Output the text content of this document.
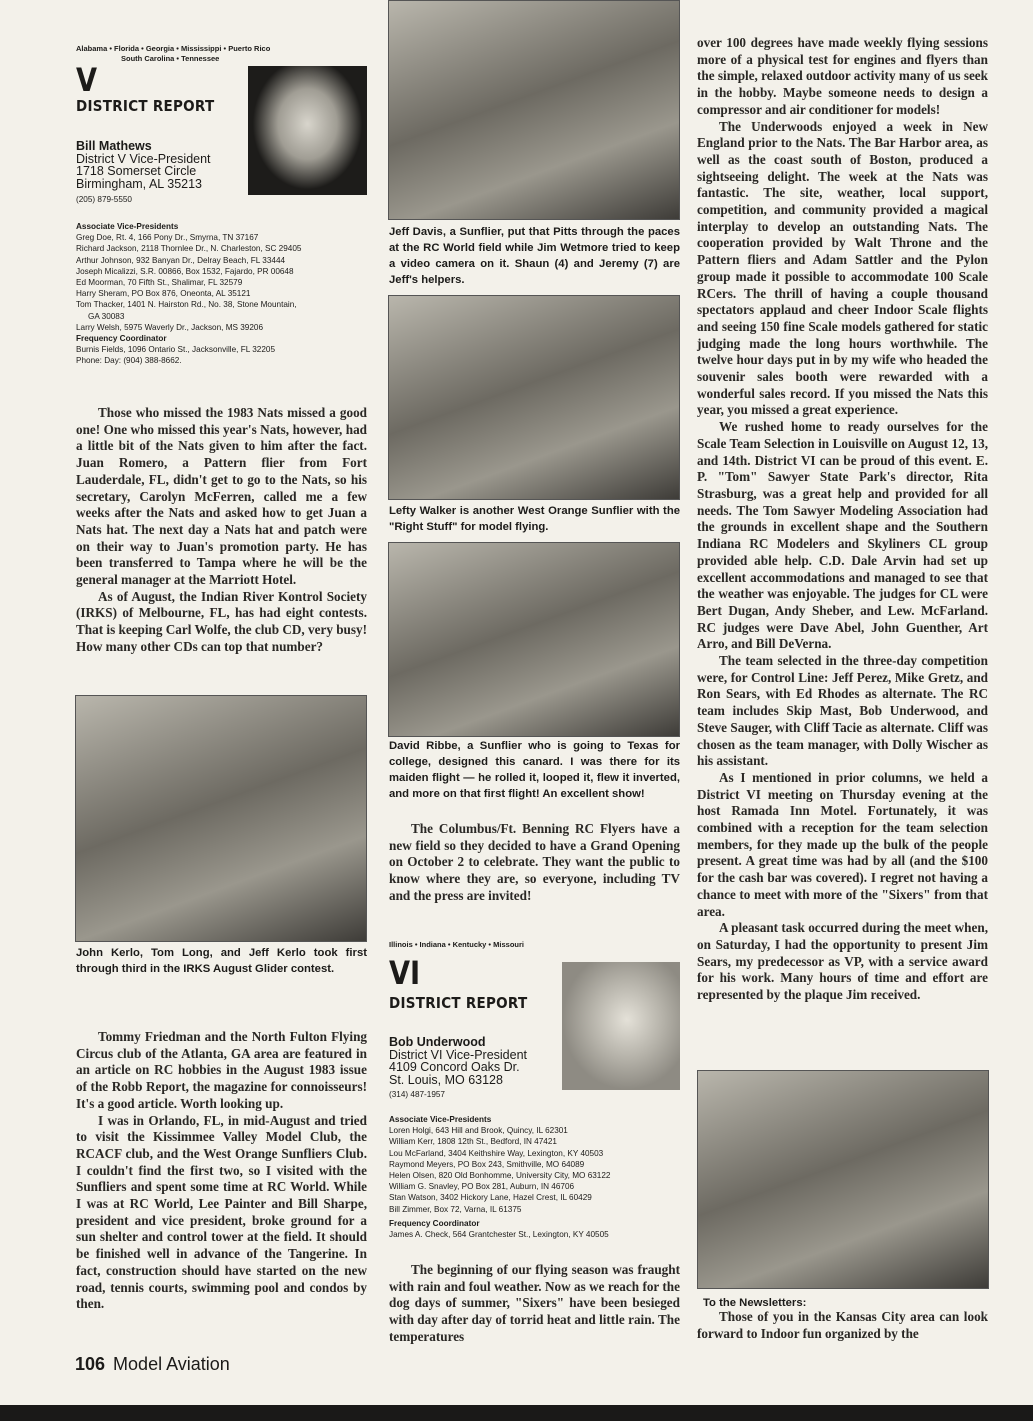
Alabama • Florida • Georgia • Mississippi • Puerto Rico
South Carolina • Tennessee
V
DISTRICT REPORT
Bill Mathews
District V Vice-President
1718 Somerset Circle
Birmingham, AL 35213
(205) 879-5550
Associate Vice-Presidents
Greg Doe, Rt. 4, 166 Pony Dr., Smyrna, TN 37167
Richard Jackson, 2118 Thornlee Dr., N. Charleston, SC 29405
Arthur Johnson, 932 Banyan Dr., Delray Beach, FL 33444
Joseph Micalizzi, S.R. 00866, Box 1532, Fajardo, PR 00648
Ed Moorman, 70 Fifth St., Shalimar, FL 32579
Harry Sheram, PO Box 876, Oneonta, AL 35121
Tom Thacker, 1401 N. Hairston Rd., No. 38, Stone Mountain,
GA 30083
Larry Welsh, 5975 Waverly Dr., Jackson, MS 39206
Frequency Coordinator
Burnis Fields, 1096 Ontario St., Jacksonville, FL 32205
Phone: Day: (904) 388-8662.

Those who missed the 1983 Nats missed a good one! One who missed this year's Nats, however, had a little bit of the Nats given to him after the fact. Juan Romero, a Pattern flier from Fort Lauderdale, FL, didn't get to go to the Nats, so his secretary, Carolyn McFerren, called me a few weeks after the Nats and asked how to get Juan a Nats hat. The next day a Nats hat and patch were on their way to Juan's promotion party. He has been transferred to Tampa where he will be the general manager at the Marriott Hotel.

As of August, the Indian River Kontrol Society (IRKS) of Melbourne, FL, has had eight contests. That is keeping Carl Wolfe, the club CD, very busy! How many other CDs can top that number?

John Kerlo, Tom Long, and Jeff Kerlo took first through third in the IRKS August Glider contest.

Tommy Friedman and the North Fulton Flying Circus club of the Atlanta, GA area are featured in an article on RC hobbies in the August 1983 issue of the Robb Report, the magazine for connoisseurs! It's a good article. Worth looking up.

I was in Orlando, FL, in mid-August and tried to visit the Kissimmee Valley Model Club, the RCACF club, and the West Orange Sunfliers Club. I couldn't find the first two, so I visited with the Sunfliers and spent some time at RC World. While I was at RC World, Lee Painter and Bill Sharpe, president and vice president, broke ground for a sun shelter and control tower at the field. It should be finished well in advance of the Tangerine. In fact, construction should have started on the new road, tennis courts, swimming pool and condos by then.

Jeff Davis, a Sunflier, put that Pitts through the paces at the RC World field while Jim Wetmore tried to keep a video camera on it. Shaun (4) and Jeremy (7) are Jeff's helpers.
Lefty Walker is another West Orange Sunflier with the "Right Stuff" for model flying.
David Ribbe, a Sunflier who is going to Texas for college, designed this canard. I was there for its maiden flight — he rolled it, looped it, flew it inverted, and more on that first flight! An excellent show!

The Columbus/Ft. Benning RC Flyers have a new field so they decided to have a Grand Opening on October 2 to celebrate. They want the public to know where they are, so everyone, including TV and the press are invited!

Illinois • Indiana • Kentucky • Missouri
VI
DISTRICT REPORT
Bob Underwood
District VI Vice-President
4109 Concord Oaks Dr.
St. Louis, MO 63128
(314) 487-1957
Associate Vice-Presidents
Loren Holgi, 643 Hill and Brook, Quincy, IL 62301
William Kerr, 1808 12th St., Bedford, IN 47421
Lou McFarland, 3404 Keithshire Way, Lexington, KY 40503
Raymond Meyers, PO Box 243, Smithville, MO 64089
Helen Olsen, 820 Old Bonhomme, University City, MO 63122
William G. Snavley, PO Box 281, Auburn, IN 46706
Stan Watson, 3402 Hickory Lane, Hazel Crest, IL 60429
Bill Zimmer, Box 72, Varna, IL 61375
Frequency Coordinator
James A. Check, 564 Grantchester St., Lexington, KY 40505

The beginning of our flying season was fraught with rain and foul weather. Now as we reach for the dog days of summer, "Sixers" have been besieged with day after day of torrid heat and little rain. The temperatures

over 100 degrees have made weekly flying sessions more of a physical test for engines and flyers than the simple, relaxed outdoor activity many of us seek in the hobby. Maybe someone needs to design a compressor and air conditioner for models!

The Underwoods enjoyed a week in New England prior to the Nats. The Bar Harbor area, as well as the coast south of Boston, produced a sightseeing delight. The week at the Nats was fantastic. The site, weather, local support, competition, and community provided a magical interplay to develop an outstanding Nats. The cooperation provided by Walt Throne and the Pattern fliers and Adam Sattler and the Pylon group made it possible to accommodate 100 Scale RCers. The thrill of having a couple thousand spectators applaud and cheer Indoor Scale flights and seeing 150 fine Scale models gathered for static judging made the long hours worthwhile. The twelve hour days put in by my wife who headed the souvenir sales booth were rewarded with a wonderful sales record. If you missed the Nats this year, you missed a great experience.

We rushed home to ready ourselves for the Scale Team Selection in Louisville on August 12, 13, and 14th. District VI can be proud of this event. E. P. "Tom" Sawyer State Park's director, Rita Strasburg, was a great help and provided for all needs. The Tom Sawyer Modeling Association had the grounds in excellent shape and the Southern Indiana RC Modelers and Skyliners CL group provided able help. C.D. Dale Arvin had set up excellent accommodations and managed to see that the weather was enjoyable. The judges for CL were Bert Dugan, Andy Sheber, and Lew. McFarland. RC judges were Dave Abel, John Guenther, Art Arro, and Bill DeVerna.

The team selected in the three-day competition were, for Control Line: Jeff Perez, Mike Gretz, and Ron Sears, with Ed Rhodes as alternate. The RC team includes Skip Mast, Bob Underwood, and Steve Sauger, with Cliff Tacie as alternate. Cliff was chosen as the team manager, with Dolly Wischer as his assistant.

As I mentioned in prior columns, we held a District VI meeting on Thursday evening at the host Ramada Inn Motel. Fortunately, it was combined with a reception for the team selection members, for they made up the bulk of the people present. A great time was had by all (and the $100 for the cash bar was covered). I regret not having a chance to meet with more of the "Sixers" from that area.

A pleasant task occurred during the meet when, on Saturday, I had the opportunity to present Jim Sears, my predecessor as VP, with a service award for his work. Many hours of time and effort are represented by the plaque Jim received.

To the Newsletters:

Those of you in the Kansas City area can look forward to Indoor fun organized by the

106 Model Aviation
